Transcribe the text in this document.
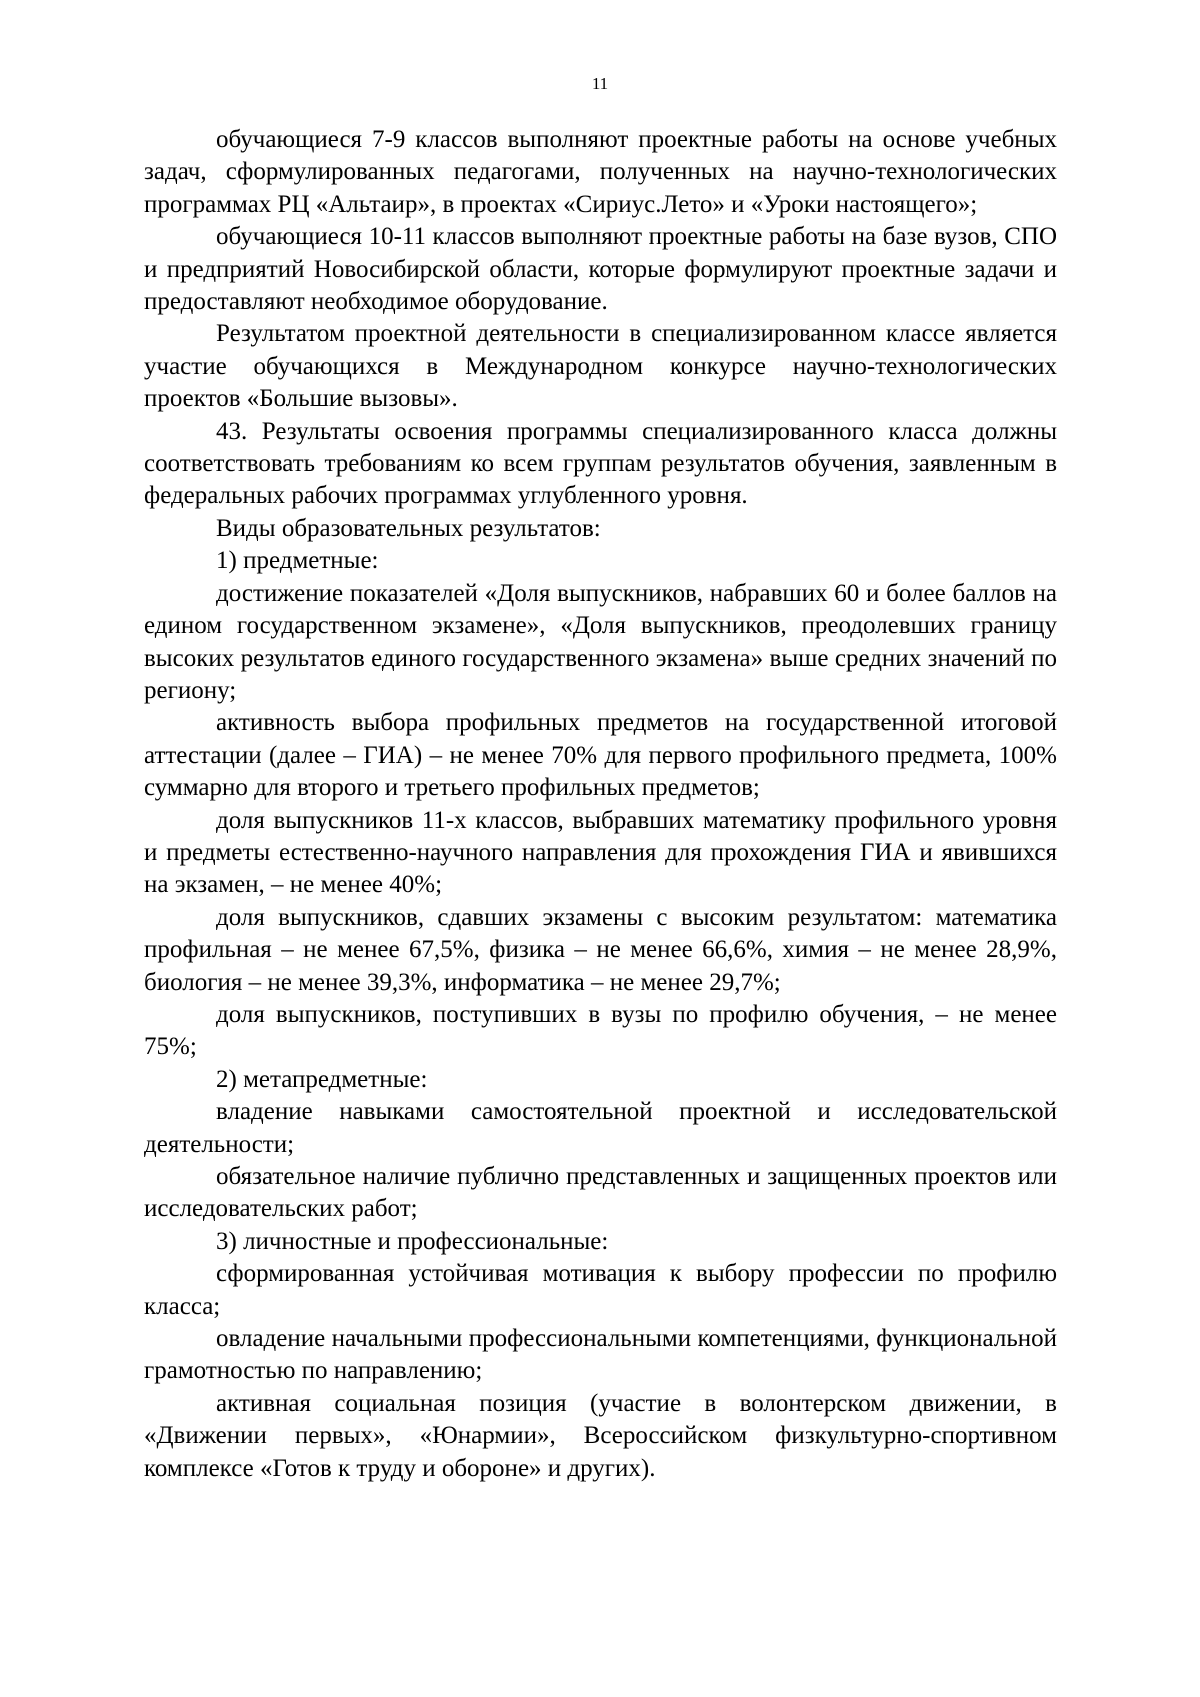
11

обучающиеся 7-9 классов выполняют проектные работы на основе учебных задач, сформулированных педагогами, полученных на научно-технологических программах РЦ «Альтаир», в проектах «Сириус.Лето» и «Уроки настоящего»;

обучающиеся 10-11 классов выполняют проектные работы на базе вузов, СПО и предприятий Новосибирской области, которые формулируют проектные задачи и предоставляют необходимое оборудование.

Результатом проектной деятельности в специализированном классе является участие обучающихся в Международном конкурсе научно-технологических проектов «Большие вызовы».

43. Результаты освоения программы специализированного класса должны соответствовать требованиям ко всем группам результатов обучения, заявленным в федеральных рабочих программах углубленного уровня.

Виды образовательных результатов:

1) предметные:

достижение показателей «Доля выпускников, набравших 60 и более баллов на едином государственном экзамене», «Доля выпускников, преодолевших границу высоких результатов единого государственного экзамена» выше средних значений по региону;

активность выбора профильных предметов на государственной итоговой аттестации (далее – ГИА) – не менее 70% для первого профильного предмета, 100% суммарно для второго и третьего профильных предметов;

доля выпускников 11-х классов, выбравших математику профильного уровня и предметы естественно-научного направления для прохождения ГИА и явившихся на экзамен, – не менее 40%;

доля выпускников, сдавших экзамены с высоким результатом: математика профильная – не менее 67,5%, физика – не менее 66,6%, химия – не менее 28,9%, биология – не менее 39,3%, информатика – не менее 29,7%;

доля выпускников, поступивших в вузы по профилю обучения, – не менее 75%;

2) метапредметные:

владение навыками самостоятельной проектной и исследовательской деятельности;

обязательное наличие публично представленных и защищенных проектов или исследовательских работ;

3) личностные и профессиональные:

сформированная устойчивая мотивация к выбору профессии по профилю класса;

овладение начальными профессиональными компетенциями, функциональной грамотностью по направлению;

активная социальная позиция (участие в волонтерском движении, в «Движении первых», «Юнармии», Всероссийском физкультурно-спортивном комплексе «Готов к труду и обороне» и других).
